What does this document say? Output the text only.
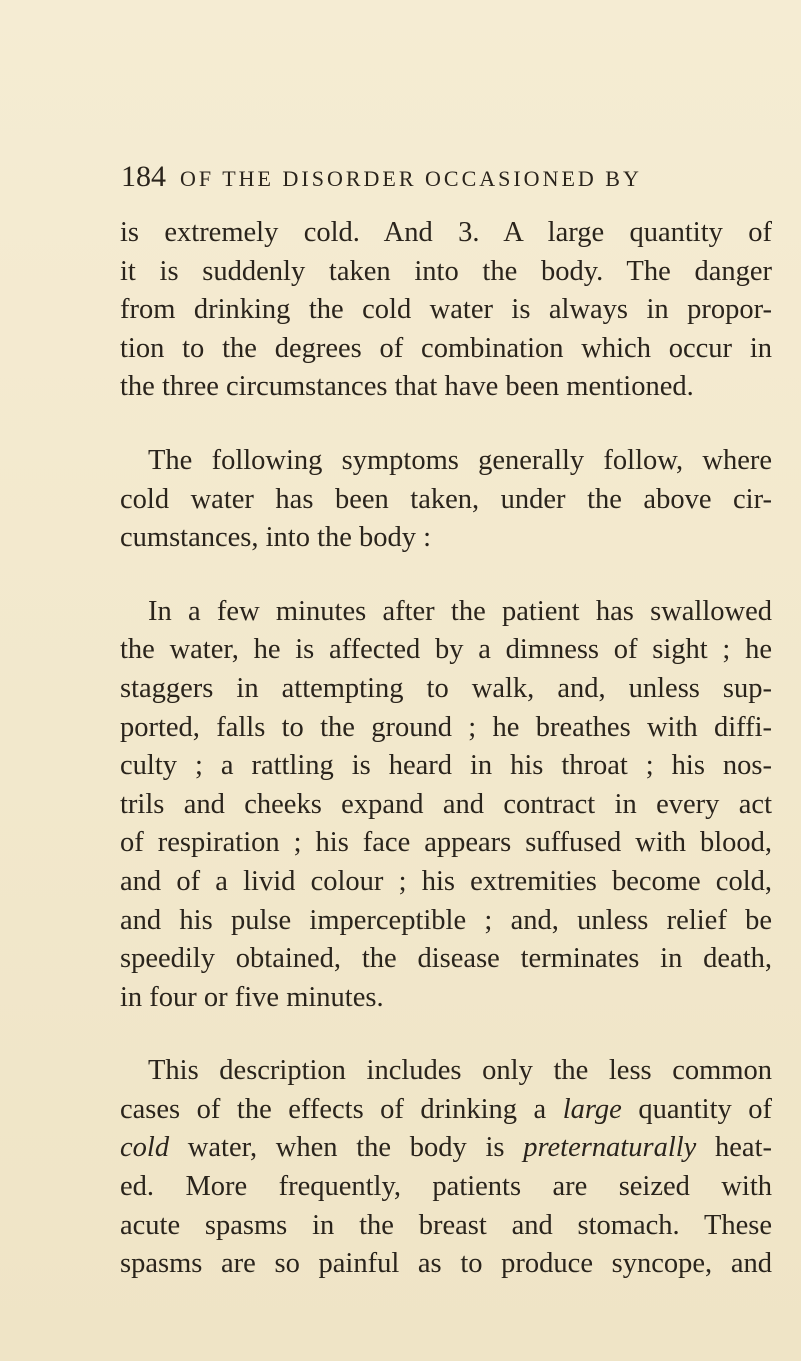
184 OF THE DISORDER OCCASIONED BY
is extremely cold. And 3. A large quantity of
it is suddenly taken into the body. The danger
from drinking the cold water is always in propor-
tion to the degrees of combination which occur in
the three circumstances that have been mentioned.
The following symptoms generally follow, where
cold water has been taken, under the above cir-
cumstances, into the body :
In a few minutes after the patient has swallowed
the water, he is affected by a dimness of sight ; he
staggers in attempting to walk, and, unless sup-
ported, falls to the ground ; he breathes with diffi-
culty ; a rattling is heard in his throat ; his nos-
trils and cheeks expand and contract in every act
of respiration ; his face appears suffused with blood,
and of a livid colour ; his extremities become cold,
and his pulse imperceptible ; and, unless relief be
speedily obtained, the disease terminates in death,
in four or five minutes.
This description includes only the less common
cases of the effects of drinking a large quantity of
cold water, when the body is preternaturally heat-
ed. More frequently, patients are seized with
acute spasms in the breast and stomach. These
spasms are so painful as to produce syncope, and
